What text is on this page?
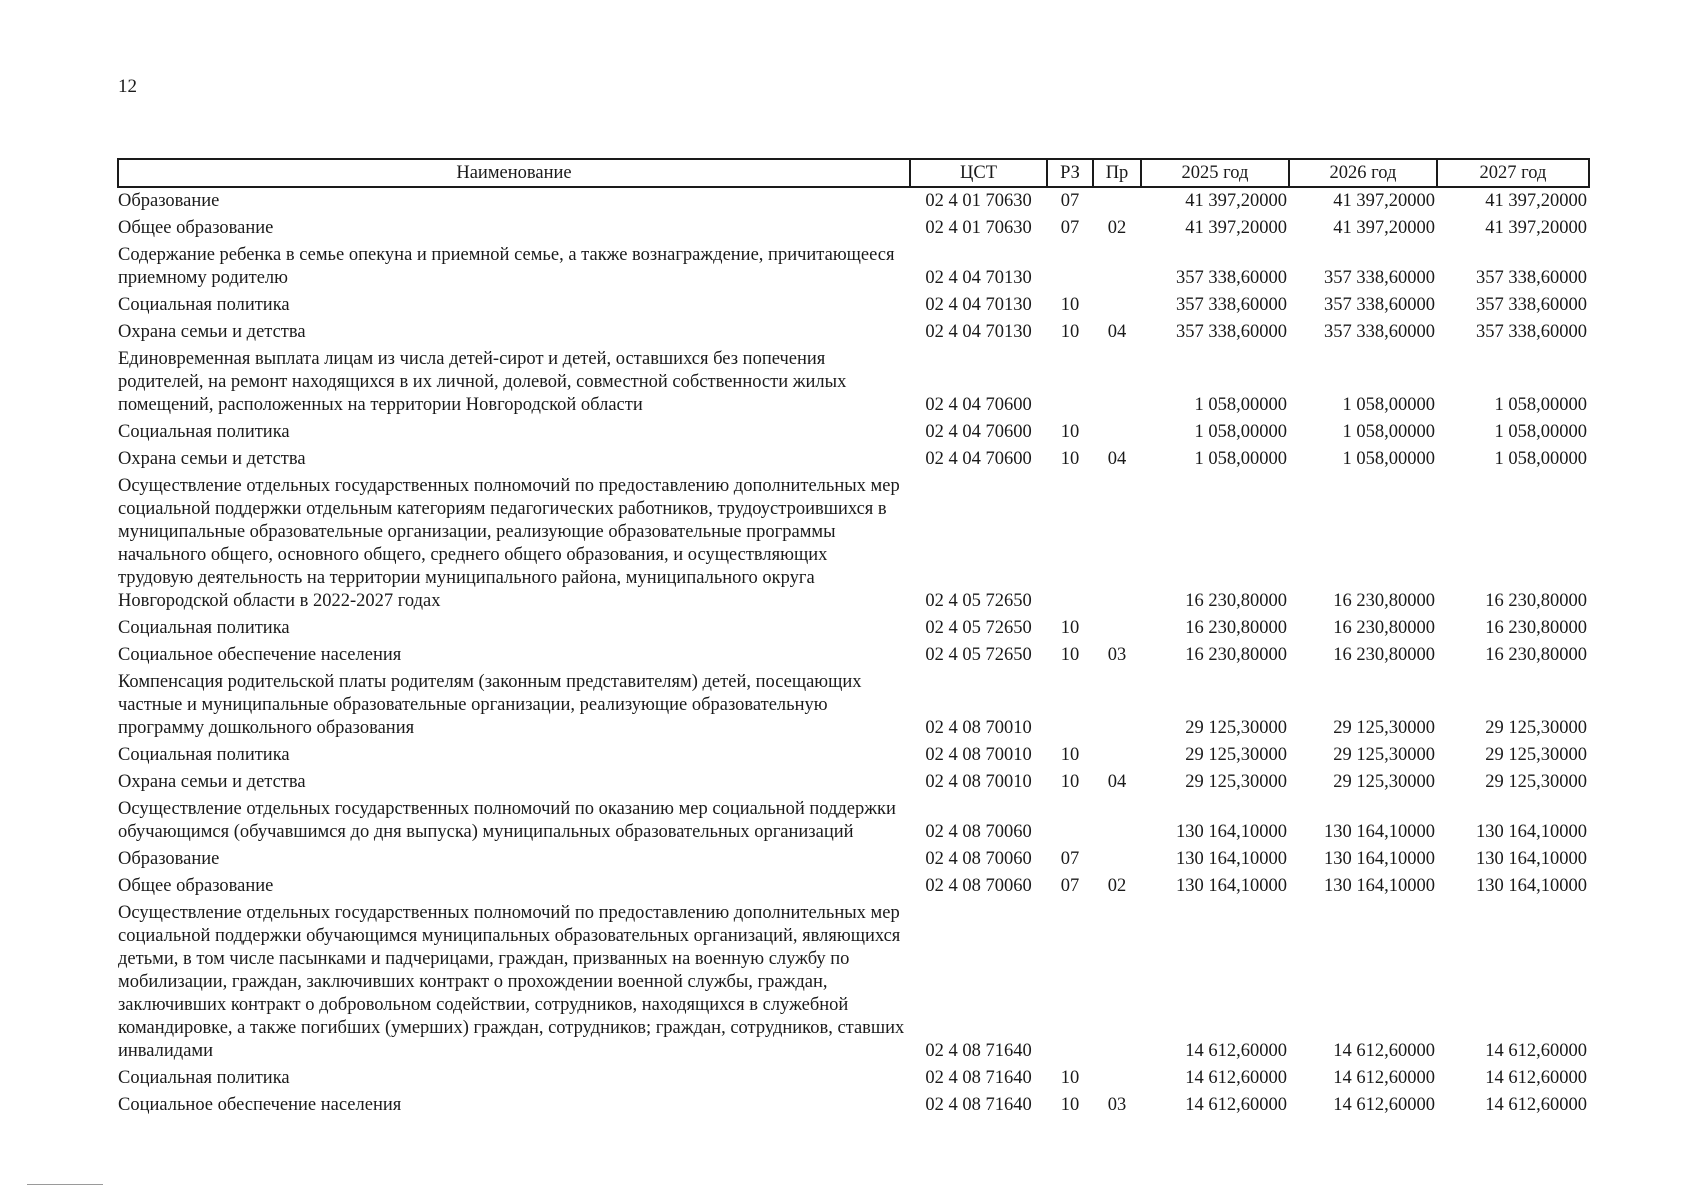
12
Наименование	ЦСТ	РЗ	Пр	2025 год	2026 год	2027 год
Образование	02 4 01 70630	07		41 397,20000	41 397,20000	41 397,20000
Общее образование	02 4 01 70630	07	02	41 397,20000	41 397,20000	41 397,20000
Содержание ребенка в семье опекуна и приемной семье, а также вознаграждение, причитающееся приемному родителю	02 4 04 70130			357 338,60000	357 338,60000	357 338,60000
Социальная политика	02 4 04 70130	10		357 338,60000	357 338,60000	357 338,60000
Охрана семьи и детства	02 4 04 70130	10	04	357 338,60000	357 338,60000	357 338,60000
Единовременная выплата лицам из числа детей-сирот и детей, оставшихся без попечения родителей, на ремонт находящихся в их личной, долевой, совместной собственности жилых помещений, расположенных на территории Новгородской области	02 4 04 70600			1 058,00000	1 058,00000	1 058,00000
Социальная политика	02 4 04 70600	10		1 058,00000	1 058,00000	1 058,00000
Охрана семьи и детства	02 4 04 70600	10	04	1 058,00000	1 058,00000	1 058,00000
Осуществление отдельных государственных полномочий по предоставлению дополнительных мер социальной поддержки отдельным категориям педагогических работников, трудоустроившихся в муниципальные образовательные организации, реализующие образовательные программы начального общего, основного общего, среднего общего образования, и осуществляющих трудовую деятельность на территории муниципального района, муниципального округа Новгородской области в 2022-2027 годах	02 4 05 72650			16 230,80000	16 230,80000	16 230,80000
Социальная политика	02 4 05 72650	10		16 230,80000	16 230,80000	16 230,80000
Социальное обеспечение населения	02 4 05 72650	10	03	16 230,80000	16 230,80000	16 230,80000
Компенсация родительской платы родителям (законным представителям) детей, посещающих частные и муниципальные образовательные организации, реализующие образовательную программу дошкольного образования	02 4 08 70010			29 125,30000	29 125,30000	29 125,30000
Социальная политика	02 4 08 70010	10		29 125,30000	29 125,30000	29 125,30000
Охрана семьи и детства	02 4 08 70010	10	04	29 125,30000	29 125,30000	29 125,30000
Осуществление отдельных государственных полномочий по оказанию мер социальной поддержки обучающимся (обучавшимся до дня выпуска) муниципальных образовательных организаций	02 4 08 70060			130 164,10000	130 164,10000	130 164,10000
Образование	02 4 08 70060	07		130 164,10000	130 164,10000	130 164,10000
Общее образование	02 4 08 70060	07	02	130 164,10000	130 164,10000	130 164,10000
Осуществление отдельных государственных полномочий по предоставлению дополнительных мер социальной поддержки обучающимся муниципальных образовательных организаций, являющихся детьми, в том числе пасынками и падчерицами, граждан, призванных на военную службу по мобилизации, граждан, заключивших контракт о прохождении военной службы, граждан, заключивших контракт о добровольном содействии, сотрудников, находящихся в служебной командировке, а также погибших (умерших) граждан, сотрудников; граждан, сотрудников, ставших инвалидами	02 4 08 71640			14 612,60000	14 612,60000	14 612,60000
Социальная политика	02 4 08 71640	10		14 612,60000	14 612,60000	14 612,60000
Социальное обеспечение населения	02 4 08 71640	10	03	14 612,60000	14 612,60000	14 612,60000
